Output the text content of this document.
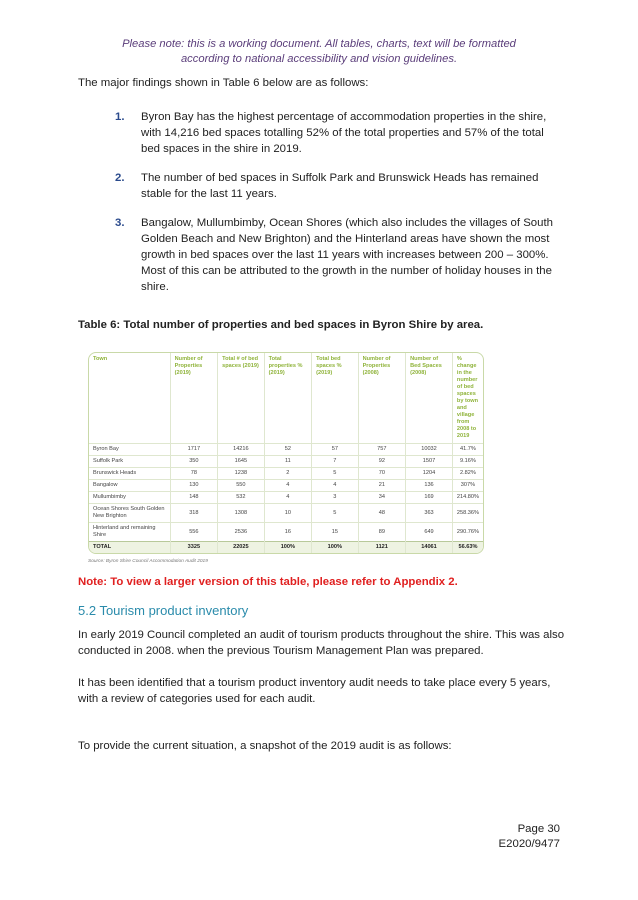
Please note: this is a working document. All tables, charts, text will be formatted
according to national accessibility and vision guidelines.
The major findings shown in Table 6 below are as follows:
1. Byron Bay has the highest percentage of accommodation properties in the shire, with 14,216 bed spaces totalling 52% of the total properties and 57% of the total bed spaces in the shire in 2019.
2. The number of bed spaces in Suffolk Park and Brunswick Heads has remained stable for the last 11 years.
3. Bangalow, Mullumbimby, Ocean Shores (which also includes the villages of South Golden Beach and New Brighton) and the Hinterland areas have shown the most growth in bed spaces over the last 11 years with increases between 200 – 300%. Most of this can be attributed to the growth in the number of holiday houses in the shire.
Table 6: Total number of properties and bed spaces in Byron Shire by area.
Town	Number of Properties (2019)	Total # of bed spaces (2019)	Total properties % (2019)	Total bed spaces % (2019)	Number of Properties (2008)	Number of Bed Spaces (2008)	% change in the number of bed spaces by town and village from 2008 to 2019
Byron Bay	1717	14216	52	57	757	10032	41.7%
Suffolk Park	350	1645	11	7	92	1507	9.16%
Brunswick Heads	78	1238	2	5	70	1204	2.82%
Bangalow	130	550	4	4	21	136	307%
Mullumbimby	148	532	4	3	34	169	214.80%
Ocean Shores South Golden New Brighton	318	1308	10	5	48	363	258.36%
Hinterland and remaining Shire	556	2536	16	15	89	649	290.76%
TOTAL	3325	22025	100%	100%	1121	14061	56.63%
Source: Byron Shire Council Accommodation Audit 2019
Note: To view a larger version of this table, please refer to Appendix 2.
5.2 Tourism product inventory

In early 2019 Council completed an audit of tourism products throughout the shire. This was also conducted in 2008. when the previous Tourism Management Plan was prepared.

It has been identified that a tourism product inventory audit needs to take place every 5 years, with a review of categories used for each audit.

To provide the current situation, a snapshot of the 2019 audit is as follows:

Page 30
E2020/9477
